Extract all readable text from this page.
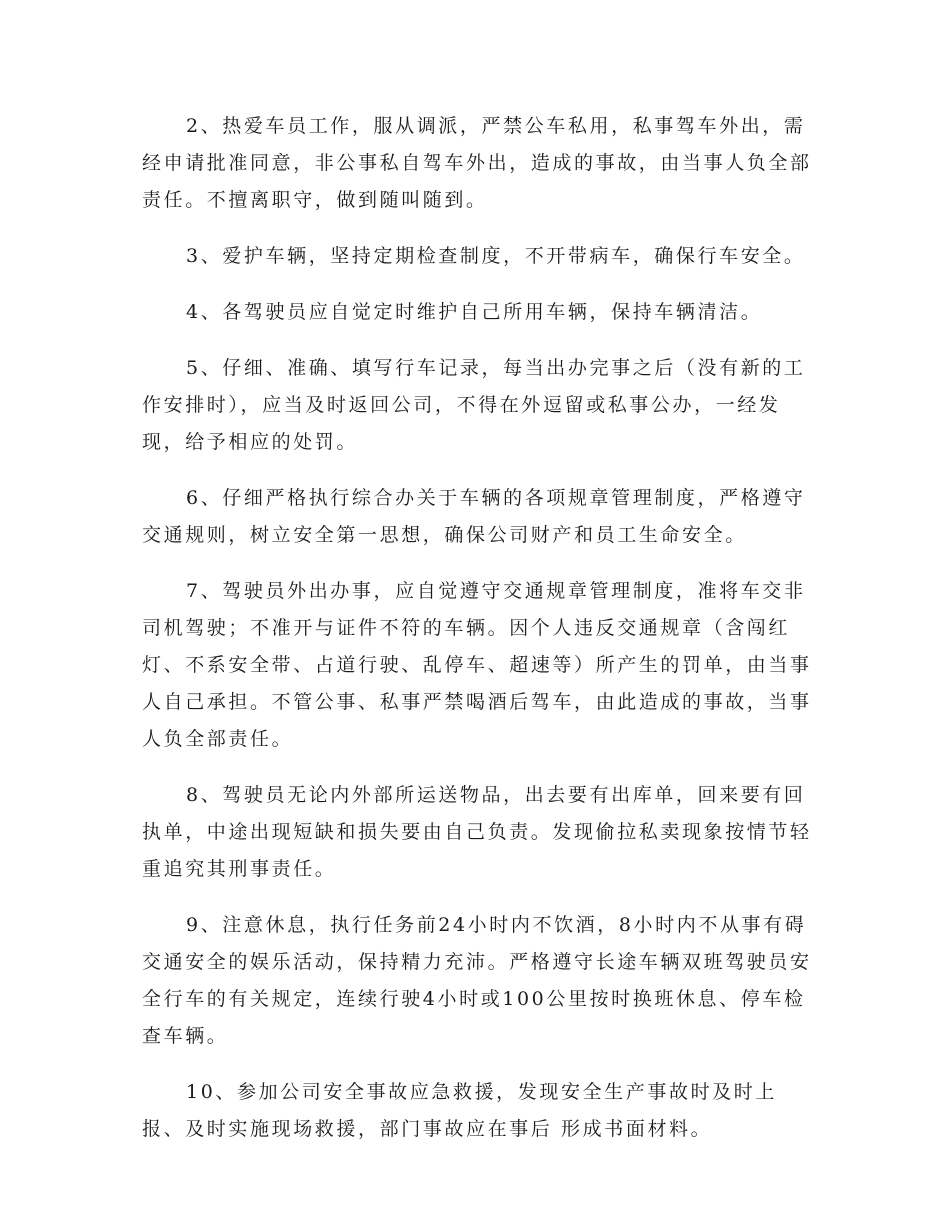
2、热爱车员工作，服从调派，严禁公车私用，私事驾车外出，需经申请批准同意，非公事私自驾车外出，造成的事故，由当事人负全部责任。不擅离职守，做到随叫随到。

3、爱护车辆，坚持定期检查制度，不开带病车，确保行车安全。

4、各驾驶员应自觉定时维护自己所用车辆，保持车辆清洁。

5、仔细、准确、填写行车记录，每当出办完事之后（没有新的工作安排时），应当及时返回公司，不得在外逗留或私事公办，一经发现，给予相应的处罚。

6、仔细严格执行综合办关于车辆的各项规章管理制度，严格遵守交通规则，树立安全第一思想，确保公司财产和员工生命安全。

7、驾驶员外出办事，应自觉遵守交通规章管理制度，准将车交非司机驾驶；不准开与证件不符的车辆。因个人违反交通规章（含闯红灯、不系安全带、占道行驶、乱停车、超速等）所产生的罚单，由当事人自己承担。不管公事、私事严禁喝酒后驾车，由此造成的事故，当事人负全部责任。

8、驾驶员无论内外部所运送物品，出去要有出库单，回来要有回执单，中途出现短缺和损失要由自己负责。发现偷拉私卖现象按情节轻重追究其刑事责任。

9、注意休息，执行任务前24小时内不饮酒，8小时内不从事有碍交通安全的娱乐活动，保持精力充沛。严格遵守长途车辆双班驾驶员安全行车的有关规定，连续行驶4小时或100公里按时换班休息、停车检查车辆。

10、参加公司安全事故应急救援，发现安全生产事故时及时上报、及时实施现场救援，部门事故应在事后 形成书面材料。
